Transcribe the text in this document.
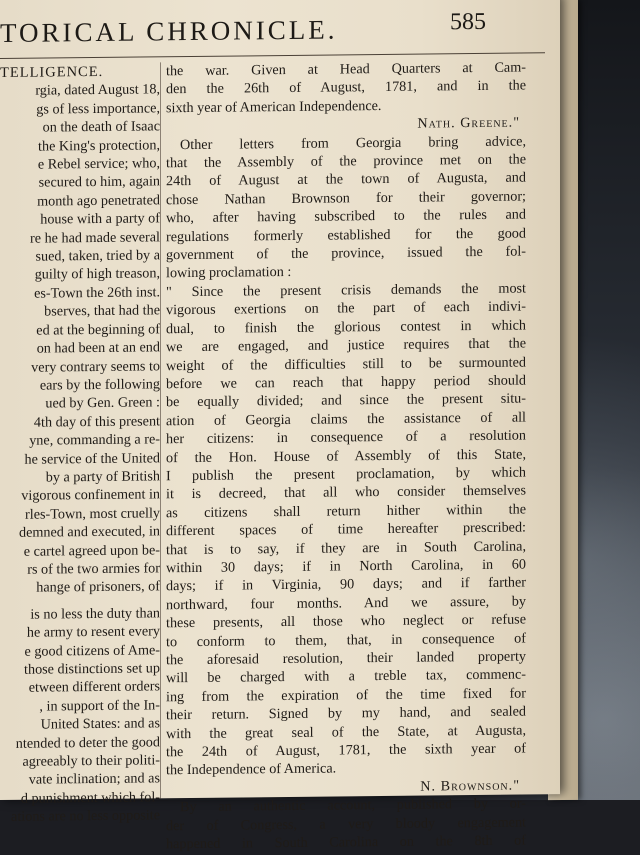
TORICAL CHRONICLE.	585
TELLIGENCE.
rgia, dated August 18,
gs of less importance,
on the death of Isaac
the King's protection,
e Rebel service; who,
secured to him, again
month ago penetrated
house with a party of
re he had made several
sued, taken, tried by a
guilty of high treason,
es-Town the 26th inst.
bserves, that had the
ed at the beginning of
on had been at an end
very contrary seems to
ears by the following
ued by Gen. Green :
4th day of this present
yne, commanding a re-
he service of the United
by a party of British
vigorous confinement in
rles-Town, most cruelly
demned and executed, in
e cartel agreed upon be-
rs of the two armies for
hange of prisoners, of
is no less the duty than
he army to resent every
e good citizens of Ame-
those distinctions set up
etween different orders
, in support of the In-
United States: and as
ntended to deter the good
agreeably to their politi-
vate inclination; and as
d punishment which fol-
ations are no less opposite
the war. Given at Head Quarters at Cam-
den the 26th of August, 1781, and in the
sixth year of American Independence.
Nath. Greene."
Other letters from Georgia bring advice,
that the Assembly of the province met on the
24th of August at the town of Augusta, and
chose Nathan Brownson for their governor;
who, after having subscribed to the rules and
regulations formerly established for the good
government of the province, issued the fol-
lowing proclamation :
" Since the present crisis demands the most
vigorous exertions on the part of each indivi-
dual, to finish the glorious contest in which
we are engaged, and justice requires that the
weight of the difficulties still to be surmounted
before we can reach that happy period should
be equally divided; and since the present situ-
ation of Georgia claims the assistance of all
her citizens: in consequence of a resolution
of the Hon. House of Assembly of this State,
I publish the present proclamation, by which
it is decreed, that all who consider themselves
as citizens shall return hither within the
different spaces of time hereafter prescribed:
that is to say, if they are in South Carolina,
within 30 days; if in North Carolina, in 60
days; if in Virginia, 90 days; and if farther
northward, four months. And we assure, by
these presents, all those who neglect or refuse
to conform to them, that, in consequence of
the aforesaid resolution, their landed property
will be charged with a treble tax, commenc-
ing from the expiration of the time fixed for
their return. Signed by my hand, and sealed
with the great seal of the State, at Augusta,
the 24th of August, 1781, the sixth year of
the Independence of America.
N. Brownson."
By an authentic account, published by or-
der of Congress, a very bloody engagement
happened in South Carolina on the 8th of
